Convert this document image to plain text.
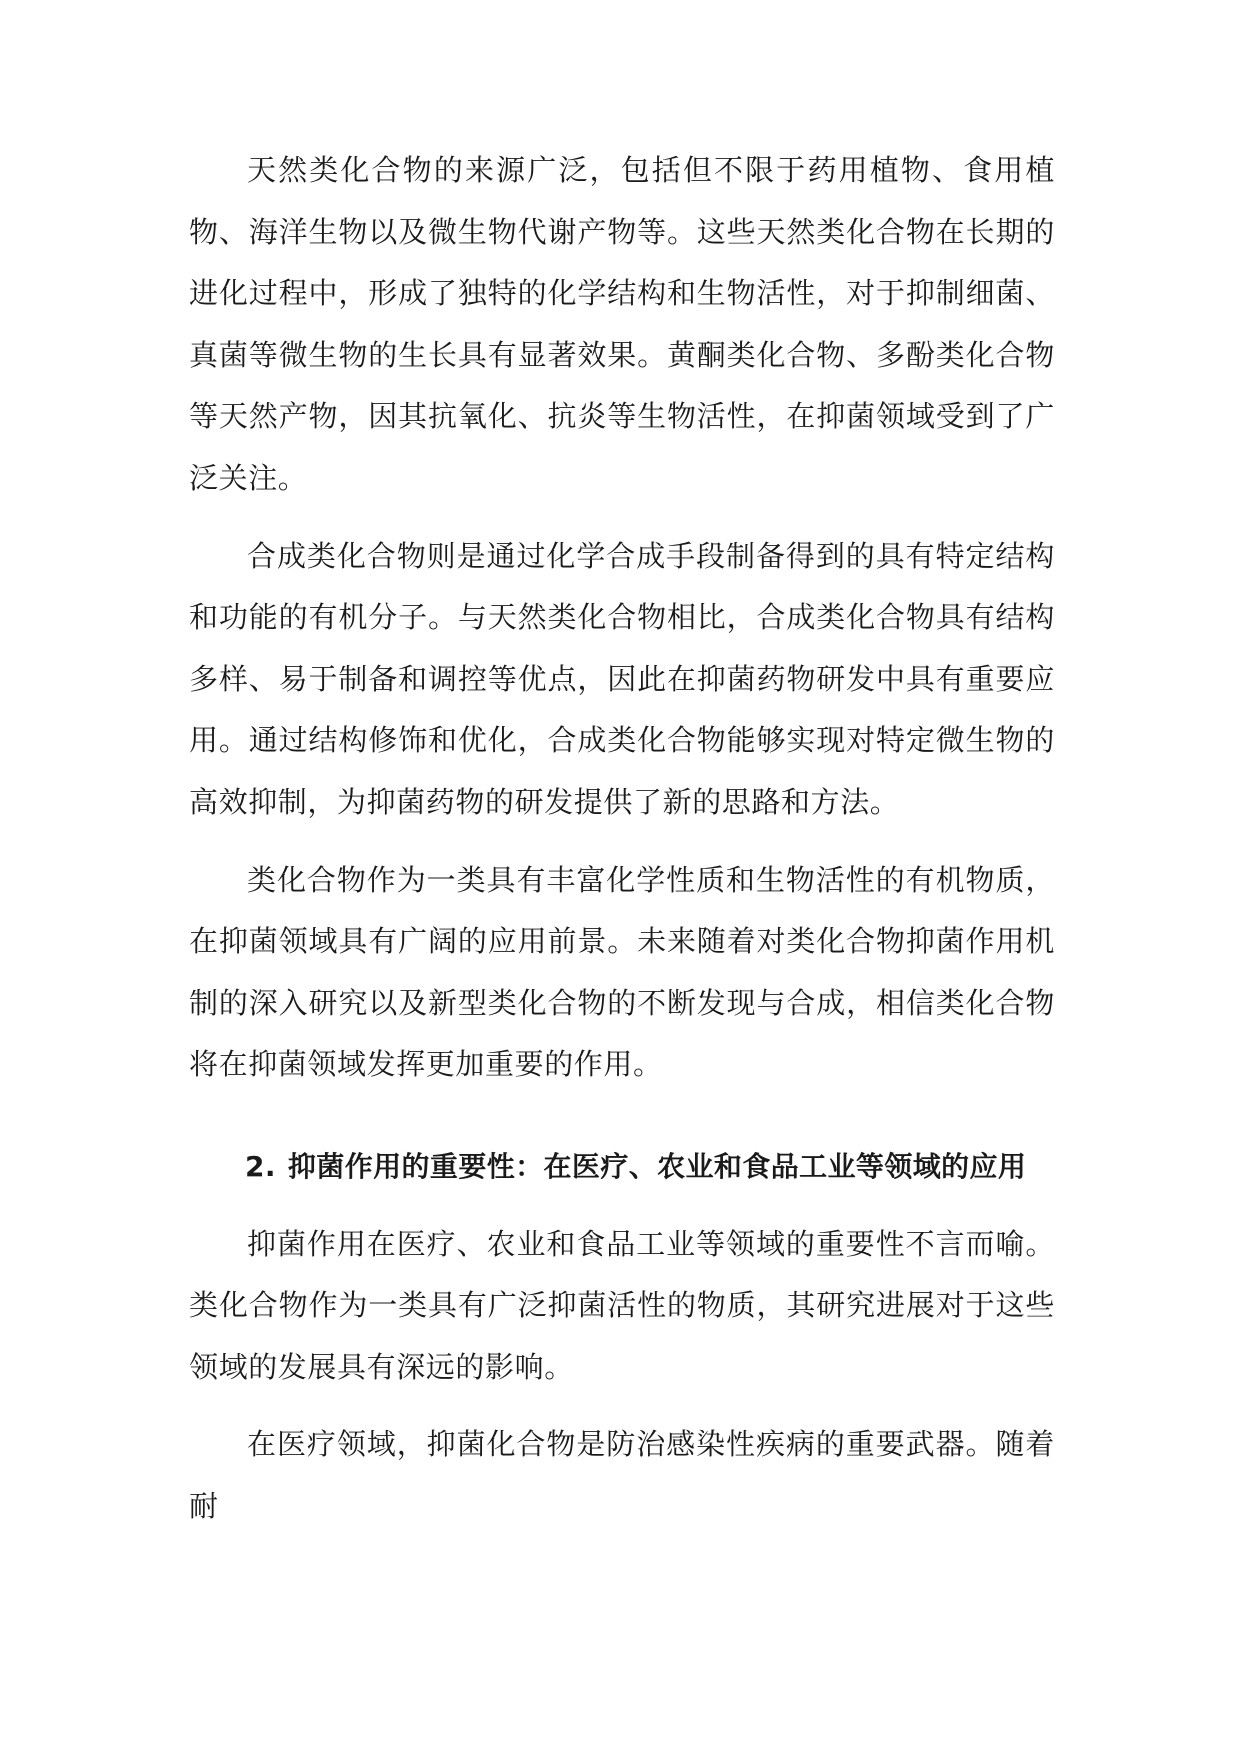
天然类化合物的来源广泛，包括但不限于药用植物、食用植物、海洋生物以及微生物代谢产物等。这些天然类化合物在长期的进化过程中，形成了独特的化学结构和生物活性，对于抑制细菌、真菌等微生物的生长具有显著效果。黄酮类化合物、多酚类化合物等天然产物，因其抗氧化、抗炎等生物活性，在抑菌领域受到了广泛关注。

合成类化合物则是通过化学合成手段制备得到的具有特定结构和功能的有机分子。与天然类化合物相比，合成类化合物具有结构多样、易于制备和调控等优点，因此在抑菌药物研发中具有重要应用。通过结构修饰和优化，合成类化合物能够实现对特定微生物的高效抑制，为抑菌药物的研发提供了新的思路和方法。

类化合物作为一类具有丰富化学性质和生物活性的有机物质，在抑菌领域具有广阔的应用前景。未来随着对类化合物抑菌作用机制的深入研究以及新型类化合物的不断发现与合成，相信类化合物将在抑菌领域发挥更加重要的作用。

2. 抑菌作用的重要性：在医疗、农业和食品工业等领域的应用

抑菌作用在医疗、农业和食品工业等领域的重要性不言而喻。类化合物作为一类具有广泛抑菌活性的物质，其研究进展对于这些领域的发展具有深远的影响。

在医疗领域，抑菌化合物是防治感染性疾病的重要武器。随着耐
